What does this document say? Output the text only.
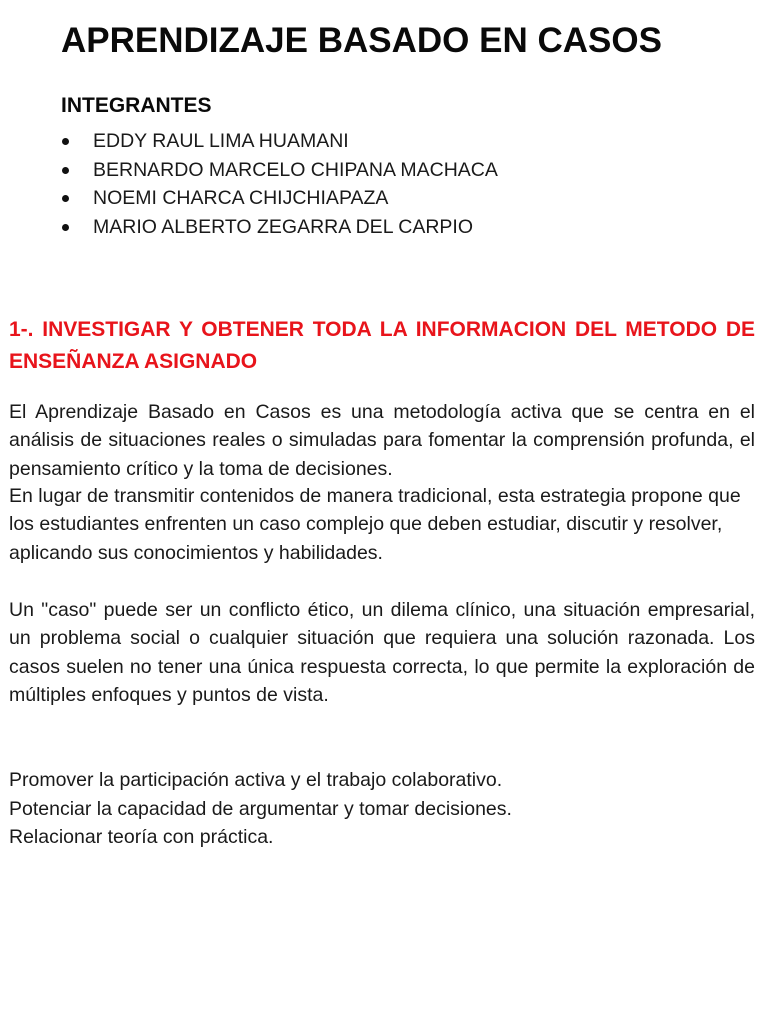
APRENDIZAJE BASADO EN CASOS
INTEGRANTES
EDDY RAUL LIMA HUAMANI
BERNARDO MARCELO CHIPANA MACHACA
NOEMI CHARCA CHIJCHIAPAZA
MARIO ALBERTO ZEGARRA DEL CARPIO
1-. INVESTIGAR Y OBTENER TODA LA INFORMACION DEL METODO DE ENSEÑANZA ASIGNADO

El Aprendizaje Basado en Casos es una metodología activa que se centra en el análisis de situaciones reales o simuladas para fomentar la comprensión profunda, el pensamiento crítico y la toma de decisiones.

En lugar de transmitir contenidos de manera tradicional, esta estrategia propone que los estudiantes enfrenten un caso complejo que deben estudiar, discutir y resolver, aplicando sus conocimientos y habilidades.

Un "caso" puede ser un conflicto ético, un dilema clínico, una situación empresarial, un problema social o cualquier situación que requiera una solución razonada. Los casos suelen no tener una única respuesta correcta, lo que permite la exploración de múltiples enfoques y puntos de vista.

Promover la participación activa y el trabajo colaborativo.

Potenciar la capacidad de argumentar y tomar decisiones.

Relacionar teoría con práctica.
